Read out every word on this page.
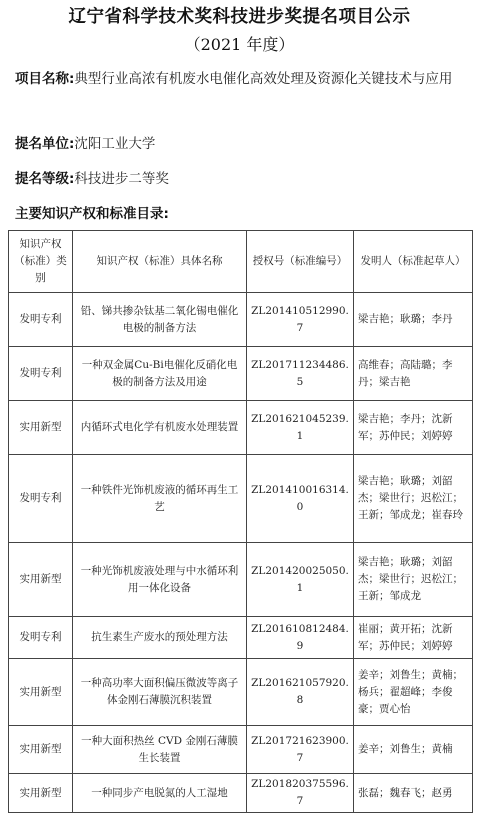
辽宁省科学技术奖科技进步奖提名项目公示
（2021 年度）
项目名称:典型行业高浓有机废水电催化高效处理及资源化关键技术与应用
提名单位:沈阳工业大学
提名等级:科技进步二等奖
主要知识产权和标准目录:
知识产权（标准）类别	知识产权（标准）具体名称	授权号（标准编号）	发明人（标准起草人）
发明专利	铅、锑共掺杂钛基二氧化锡电催化电极的制备方法	ZL201410512990.7	梁吉艳；耿璐；李丹
发明专利	一种双金属Cu-Bi电催化反硝化电极的制备方法及用途	ZL201711234486.5	高维春；高陆璐；李丹；梁吉艳
实用新型	内循环式电化学有机废水处理装置	ZL201621045239.1	梁吉艳；李丹；沈新军；苏仲民；刘婷婷
发明专利	一种铁件光饰机废液的循环再生工艺	ZL201410016314.0	梁吉艳；耿璐；刘韶杰；梁世行；迟松江；王新；邹成龙；崔春玲
实用新型	一种光饰机废液处理与中水循环利用一体化设备	ZL201420025050.1	梁吉艳；耿璐；刘韶杰；梁世行；迟松江；王新；邹成龙
发明专利	抗生素生产废水的预处理方法	ZL201610812484.9	崔丽；黄开拓；沈新军；苏仲民；刘婷婷
实用新型	一种高功率大面积偏压微波等离子体金刚石薄膜沉积装置	ZL201621057920.8	姜辛；刘鲁生；黄楠；杨兵；翟超峰；李俊豪；贾心怡
实用新型	一种大面积热丝 CVD 金刚石薄膜生长装置	ZL201721623900.7	姜辛；刘鲁生；黄楠
实用新型	一种同步产电脱氮的人工湿地	ZL201820375596.7	张磊；魏春飞；赵勇
